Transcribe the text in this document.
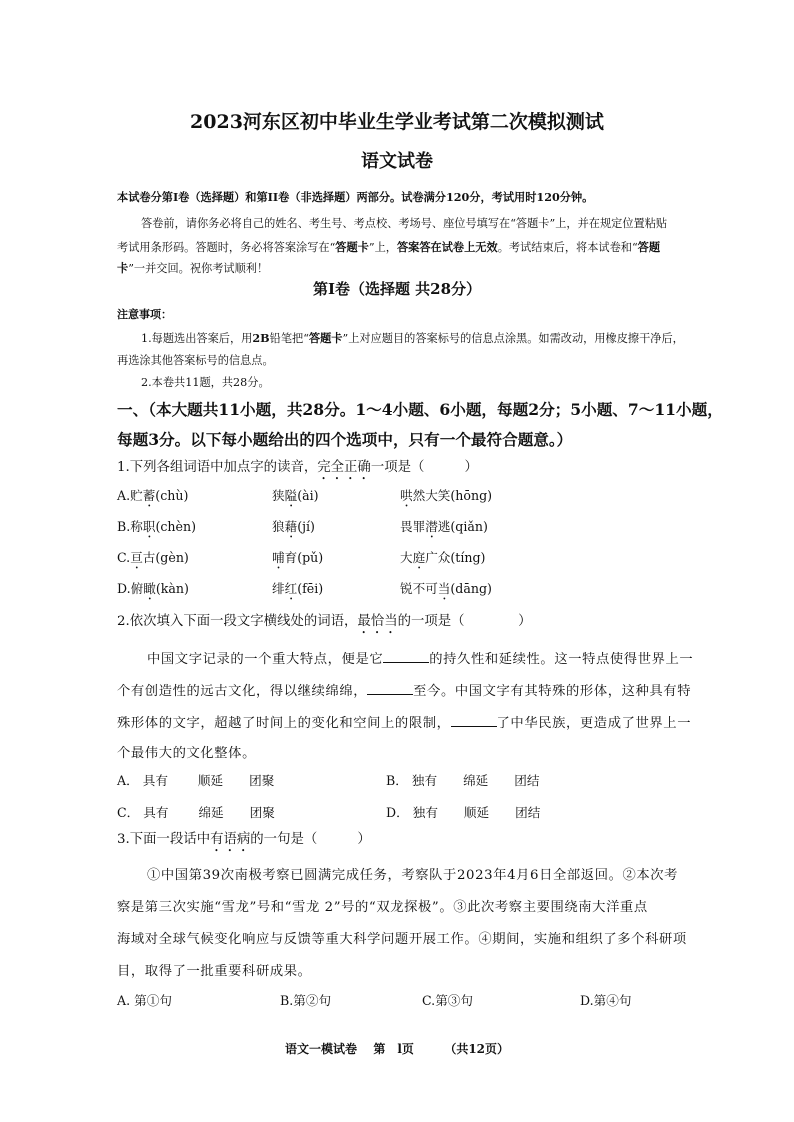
2023河东区初中毕业生学业考试第二次模拟测试
语文试卷
本试卷分第Ⅰ卷（选择题）和第II卷（非选择题）两部分。试卷满分120分，考试用时120分钟。
答卷前，请你务必将自己的姓名、考生号、考点校、考场号、座位号填写在“答题卡”上，并在规定位置粘贴
考试用条形码。答题时，务必将答案涂写在“答题卡”上，答案答在试卷上无效。考试结束后，将本试卷和“答题
卡”一并交回。祝你考试顺利！
第Ⅰ卷（选择题 共28分）
注意事项：
1.每题选出答案后，用2B铅笔把“答题卡”上对应题目的答案标号的信息点涂黑。如需改动，用橡皮擦干净后，
再选涂其他答案标号的信息点。
2.本卷共11题，共28分。
一、（本大题共11小题，共28分。1～4小题、6小题，每题2分；5小题、7～11小题，
每题3分。以下每小题给出的四个选项中，只有一个最符合题意。）
1.下列各组词语中加点字的读音，完全正确一项是（　　　）
A.贮蓄(chù)	狭隘(ài)	哄然大笑(hōng)
B.称职(chèn)	狼藉(jí)	畏罪潜逃(qiǎn)
C.亘古(gèn)	哺育(pǔ)	大庭广众(tíng)
D.俯瞰(kàn)	绯红(fēi)	锐不可当(dāng)
2.依次填入下面一段文字横线处的词语，最恰当的一项是（　　　　）
中国文字记录的一个重大特点，便是它	的持久性和延续性。这一特点使得世界上一
个有创造性的远古文化，得以继续绵绵，	至今。中国文字有其特殊的形体，这种具有特
殊形体的文字，超越了时间上的变化和空间上的限制，	了中华民族，更造成了世界上一
个最伟大的文化整体。
A． 具有 顺延 团聚	B． 独有 绵延 团结
C． 具有 绵延 团聚	D． 独有 顺延 团结
3.下面一段话中有语病的一句是（　　　）
①中国第39次南极考察已圆满完成任务，考察队于2023年4月6日全部返回。②本次考
察是第三次实施“雪龙”号和“雪龙 2”号的“双龙探极”。③此次考察主要围绕南大洋重点
海域对全球气候变化响应与反馈等重大科学问题开展工作。④期间，实施和组织了多个科研项
目，取得了一批重要科研成果。
A. 第①句	B.第②句	C.第③句	D.第④句
语文一模试卷 第　l页	（共12页）
